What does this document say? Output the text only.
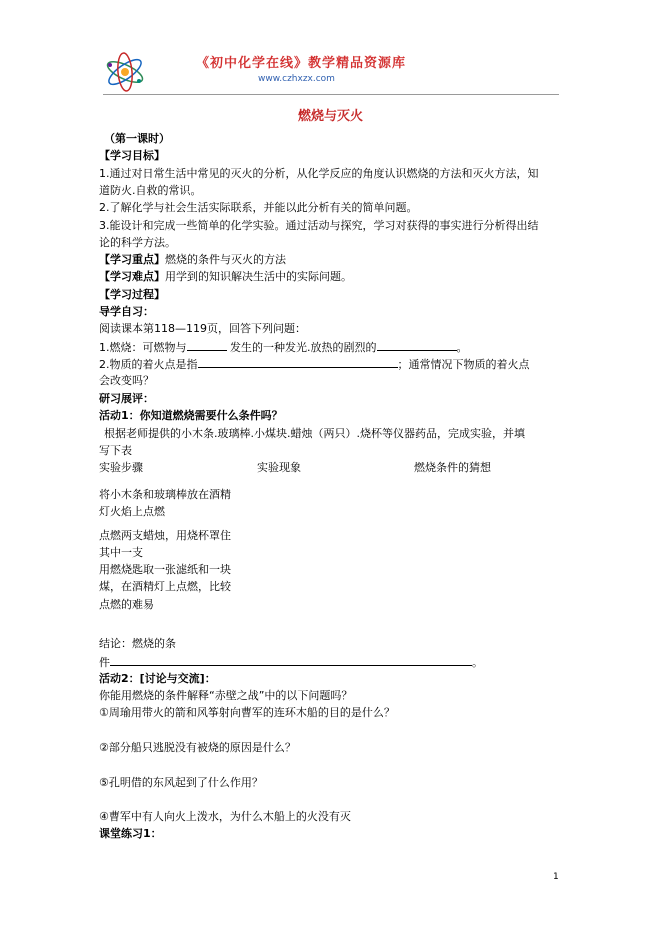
《初中化学在线》教学精品资源库
www.czhxzx.com
燃烧与灭火
（第一课时）
【学习目标】
1.通过对日常生活中常见的灭火的分析，从化学反应的角度认识燃烧的方法和灭火方法，知
道防火.自救的常识。
2.了解化学与社会生活实际联系，并能以此分析有关的简单问题。
3.能设计和完成一些简单的化学实验。通过活动与探究，学习对获得的事实进行分析得出结
论的科学方法。
【学习重点】燃烧的条件与灭火的方法
【学习难点】用学到的知识解决生活中的实际问题。
【学习过程】
导学自习：
阅读课本第118—119页，回答下列问题：
1.燃烧：可燃物与	发生的一种发光.放热的剧烈的	。
2.物质的着火点是指	；通常情况下物质的着火点
会改变吗？
研习展评：
活动1：你知道燃烧需要什么条件吗？
根据老师提供的小木条.玻璃棒.小煤块.蜡烛（两只）.烧杯等仪器药品，完成实验，并填
写下表
实验步骤	实验现象	燃烧条件的猜想
将小木条和玻璃棒放在酒精
灯火焰上点燃
点燃两支蜡烛，用烧杯罩住
其中一支
用燃烧匙取一张滤纸和一块
煤，在酒精灯上点燃，比较
点燃的难易
结论：燃烧的条
件	。
活动2：[讨论与交流]：
你能用燃烧的条件解释“赤壁之战”中的以下问题吗？
①周瑜用带火的箭和风筝射向曹军的连环木船的目的是什么？
②部分船只逃脱没有被烧的原因是什么？
⑤孔明借的东风起到了什么作用？
④曹军中有人向火上泼水，为什么木船上的火没有灭
课堂练习1：
1
